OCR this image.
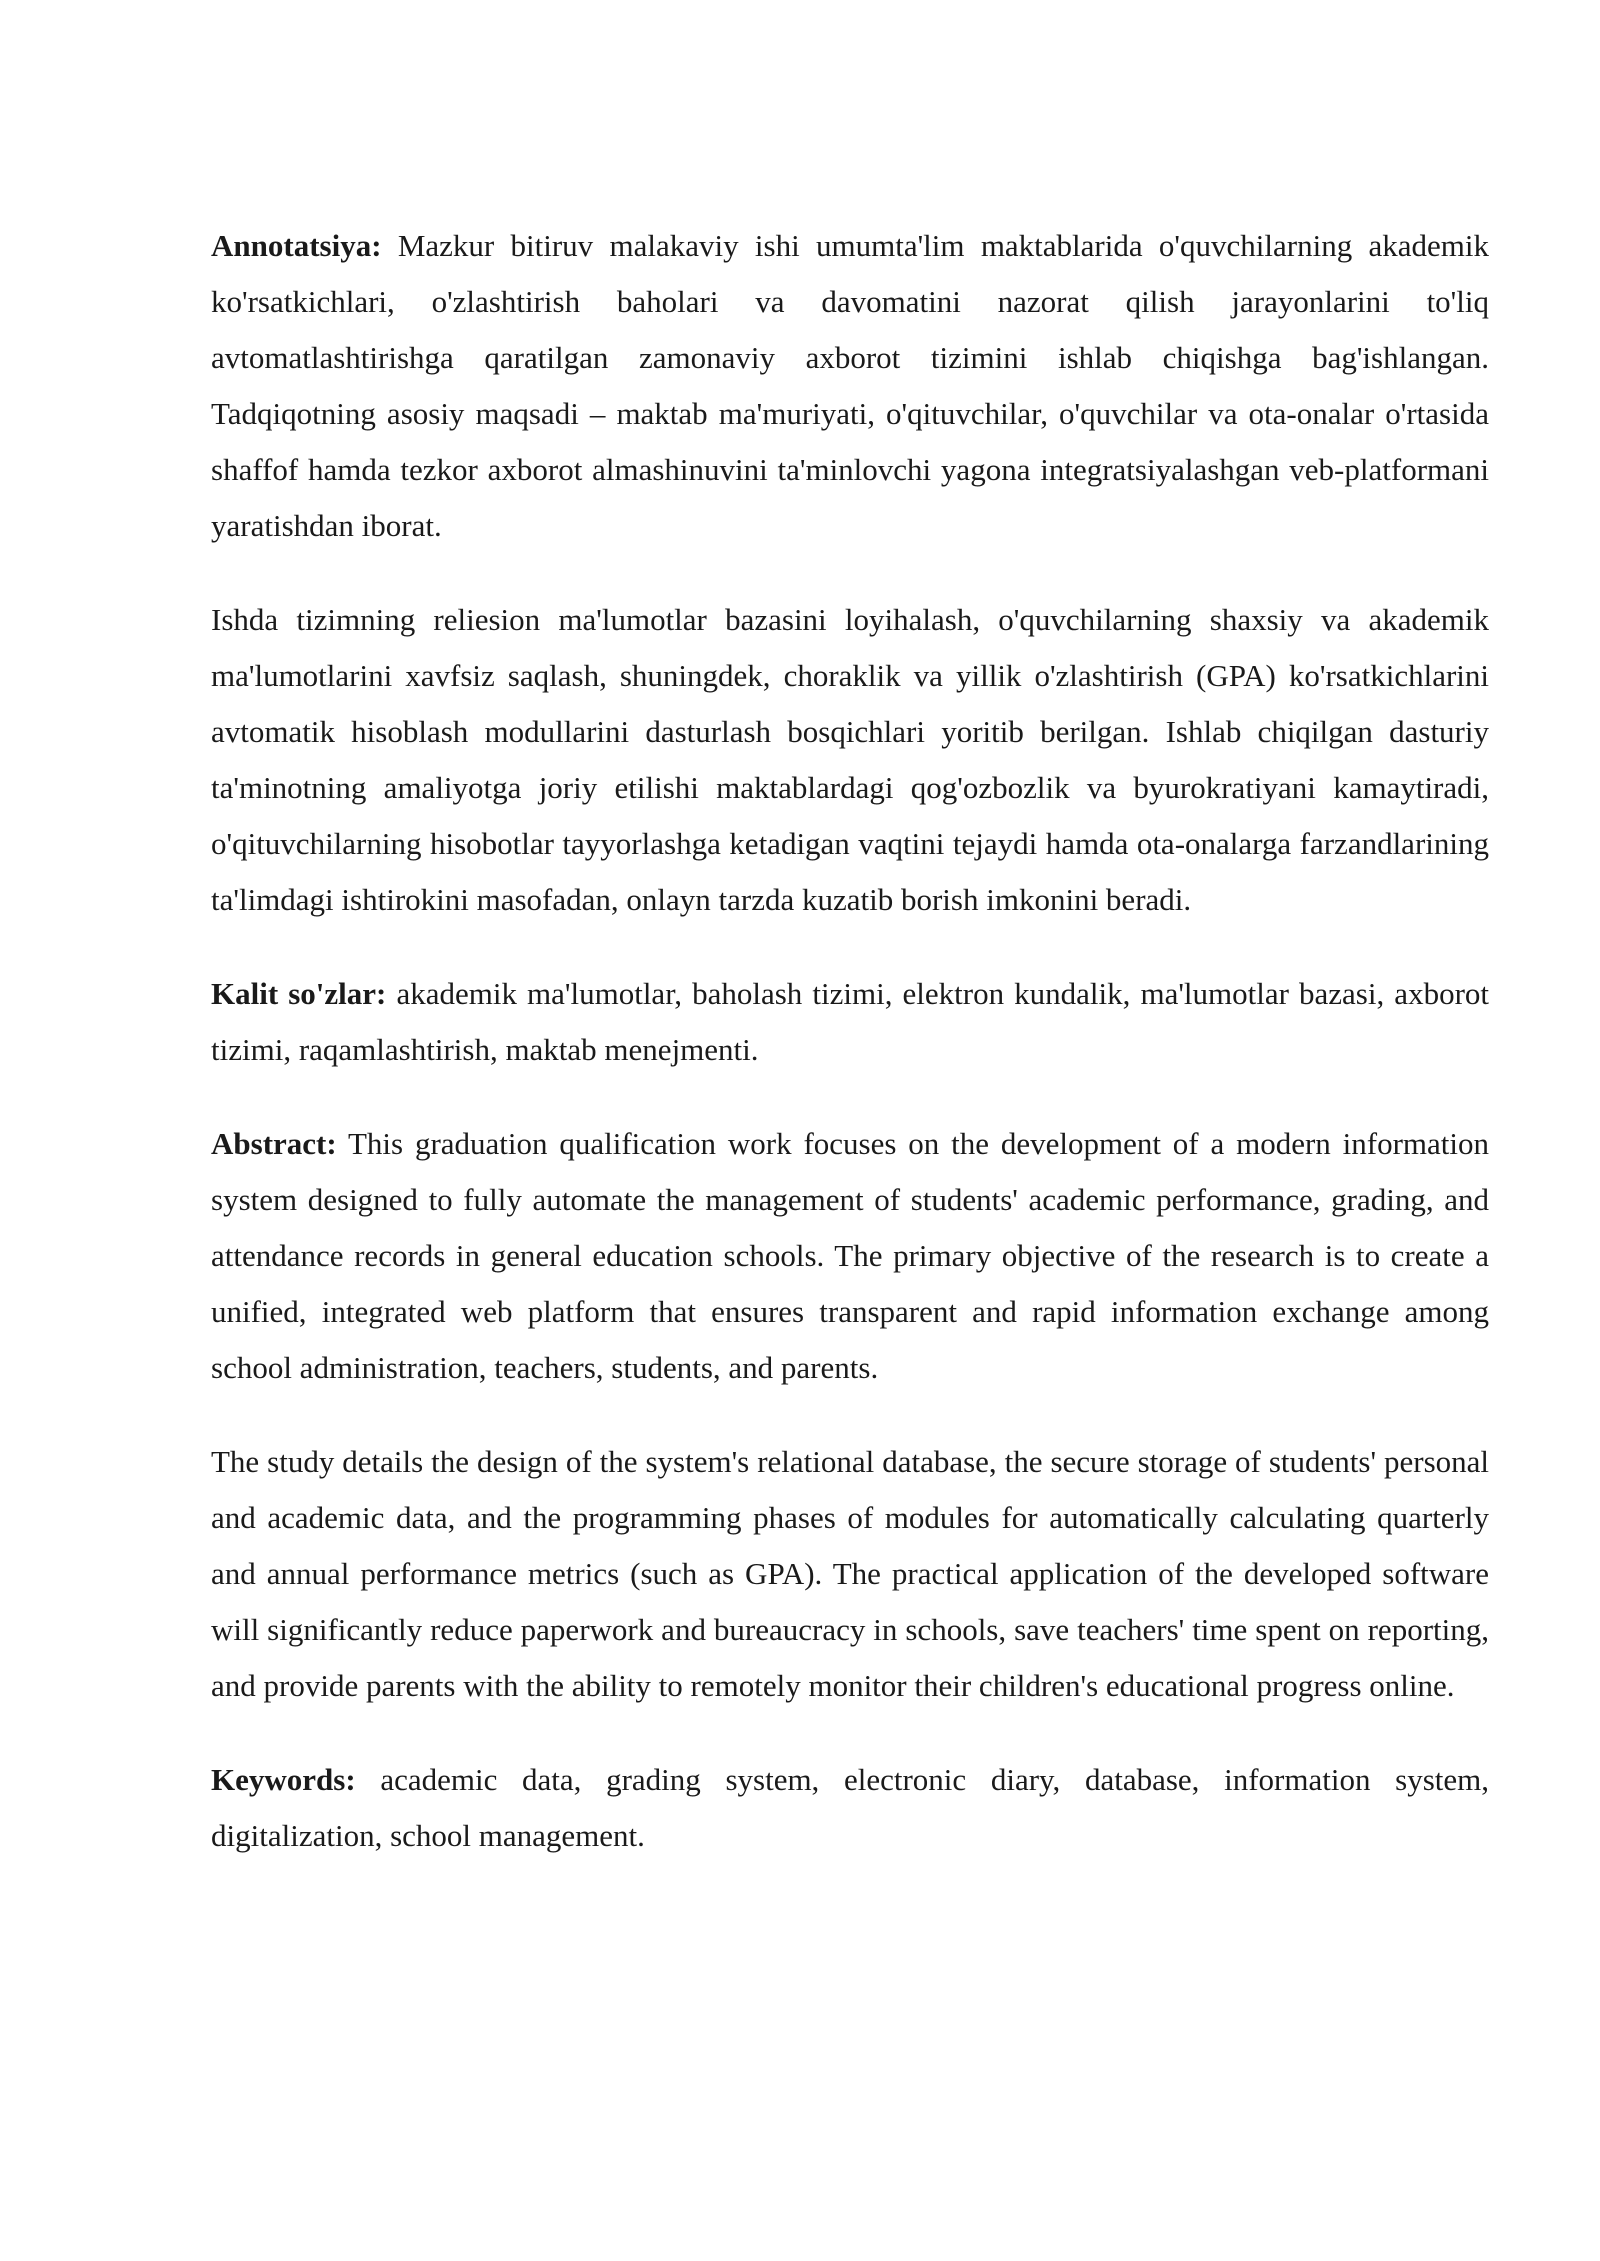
Annotatsiya: Mazkur bitiruv malakaviy ishi umumta'lim maktablarida o'quvchilarning akademik ko'rsatkichlari, o'zlashtirish baholari va davomatini nazorat qilish jarayonlarini to'liq avtomatlashtirishga qaratilgan zamonaviy axborot tizimini ishlab chiqishga bag'ishlangan. Tadqiqotning asosiy maqsadi – maktab ma'muriyati, o'qituvchilar, o'quvchilar va ota-onalar o'rtasida shaffof hamda tezkor axborot almashinuvini ta'minlovchi yagona integratsiyalashgan veb-platformani yaratishdan iborat.

Ishda tizimning reliesion ma'lumotlar bazasini loyihalash, o'quvchilarning shaxsiy va akademik ma'lumotlarini xavfsiz saqlash, shuningdek, choraklik va yillik o'zlashtirish (GPA) ko'rsatkichlarini avtomatik hisoblash modullarini dasturlash bosqichlari yoritib berilgan. Ishlab chiqilgan dasturiy ta'minotning amaliyotga joriy etilishi maktablardagi qog'ozbozlik va byurokratiyani kamaytiradi, o'qituvchilarning hisobotlar tayyorlashga ketadigan vaqtini tejaydi hamda ota-onalarga farzandlarining ta'limdagi ishtirokini masofadan, onlayn tarzda kuzatib borish imkonini beradi.

Kalit so'zlar: akademik ma'lumotlar, baholash tizimi, elektron kundalik, ma'lumotlar bazasi, axborot tizimi, raqamlashtirish, maktab menejmenti.

Abstract: This graduation qualification work focuses on the development of a modern information system designed to fully automate the management of students' academic performance, grading, and attendance records in general education schools. The primary objective of the research is to create a unified, integrated web platform that ensures transparent and rapid information exchange among school administration, teachers, students, and parents.

The study details the design of the system's relational database, the secure storage of students' personal and academic data, and the programming phases of modules for automatically calculating quarterly and annual performance metrics (such as GPA). The practical application of the developed software will significantly reduce paperwork and bureaucracy in schools, save teachers' time spent on reporting, and provide parents with the ability to remotely monitor their children's educational progress online.

Keywords: academic data, grading system, electronic diary, database, information system, digitalization, school management.
